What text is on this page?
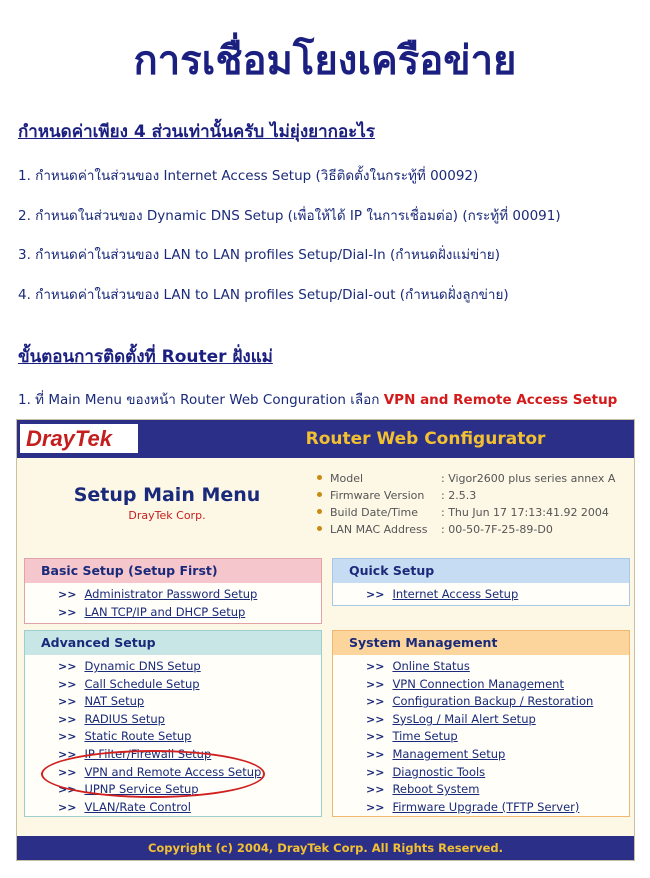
การเชื่อมโยงเครือข่าย
กำหนดค่าเพียง 4 ส่วนเท่านั้นครับ ไม่ยุ่งยากอะไร
1. กำหนดค่าในส่วนของ Internet Access Setup (วิธีติดตั้งในกระทู้ที่ 00092)
2. กำหนดในส่วนของ Dynamic DNS Setup (เพื่อให้ได้ IP ในการเชื่อมต่อ) (กระทู้ที่ 00091)
3. กำหนดค่าในส่วนของ LAN to LAN profiles Setup/Dial-In (กำหนดฝั่งแม่ข่าย)
4. กำหนดค่าในส่วนของ LAN to LAN profiles Setup/Dial-out (กำหนดฝั่งลูกข่าย)
ขั้นตอนการติดตั้งที่ Router ฝั่งแม่
1. ที่ Main Menu ของหน้า Router Web Conguration เลือก VPN and Remote Access Setup
DrayTek	Router Web Configurator
Setup Main Menu
DrayTek Corp.
Model	: Vigor2600 plus series annex A
Firmware Version : 2.5.3
Build Date/Time : Thu Jun 17 17:13:41.92 2004
LAN MAC Address : 00-50-7F-25-89-D0
Basic Setup (Setup First)
>> Administrator Password Setup
>> LAN TCP/IP and DHCP Setup
Quick Setup
>> Internet Access Setup
Advanced Setup
>> Dynamic DNS Setup
>> Call Schedule Setup
>> NAT Setup
>> RADIUS Setup
>> Static Route Setup
>> IP Filter/Firewall Setup
>> VPN and Remote Access Setup
>> UPNP Service Setup
>> VLAN/Rate Control
System Management
>> Online Status
>> VPN Connection Management
>> Configuration Backup / Restoration
>> SysLog / Mail Alert Setup
>> Time Setup
>> Management Setup
>> Diagnostic Tools
>> Reboot System
>> Firmware Upgrade (TFTP Server)
Copyright (c) 2004, DrayTek Corp. All Rights Reserved.
